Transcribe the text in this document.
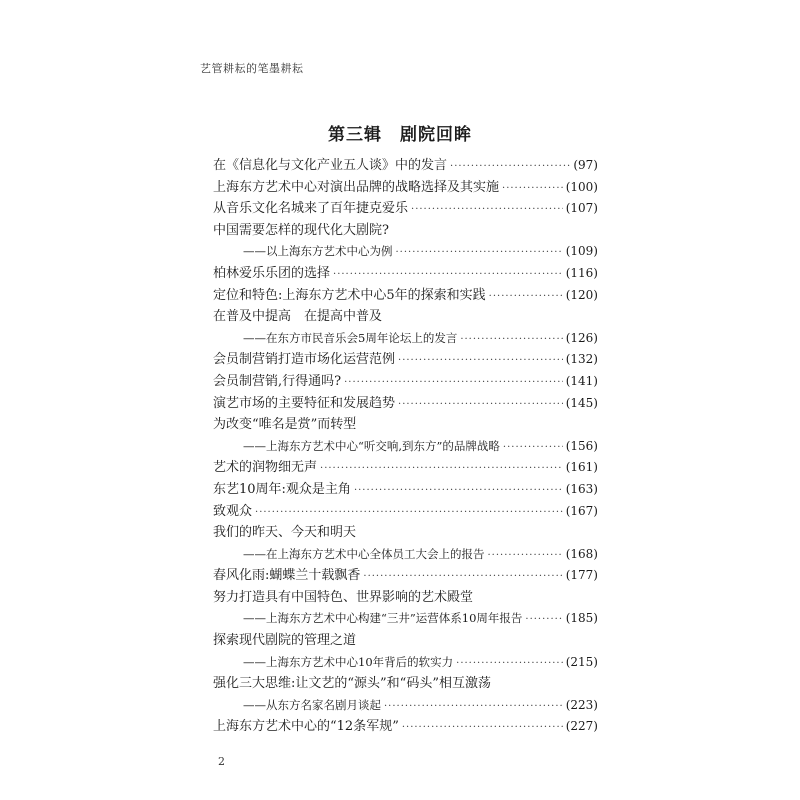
艺管耕耘的笔墨耕耘
第三辑　剧院回眸
在《信息化与文化产业五人谈》中的发言 ·····	(97)
上海东方艺术中心对演出品牌的战略选择及其实施 ·····	(100)
从音乐文化名城来了百年捷克爱乐 ·····	(107)
中国需要怎样的现代化大剧院?
——以上海东方艺术中心为例 ·····	(109)
柏林爱乐乐团的选择 ·····	(116)
定位和特色:上海东方艺术中心5年的探索和实践 ·····	(120)
在普及中提高　在提高中普及
——在东方市民音乐会5周年论坛上的发言 ·····	(126)
会员制营销打造市场化运营范例 ·····	(132)
会员制营销,行得通吗? ·····	(141)
演艺市场的主要特征和发展趋势 ·····	(145)
为改变“唯名是赏”而转型
——上海东方艺术中心“听交响,到东方”的品牌战略 ·····	(156)
艺术的润物细无声 ·····	(161)
东艺10周年:观众是主角 ·····	(163)
致观众 ·····	(167)
我们的昨天、今天和明天
——在上海东方艺术中心全体员工大会上的报告 ·····	(168)
春风化雨:蝴蝶兰十载飘香 ·····	(177)
努力打造具有中国特色、世界影响的艺术殿堂
——上海东方艺术中心构建“三井”运营体系10周年报告 ·····	(185)
探索现代剧院的管理之道
——上海东方艺术中心10年背后的软实力 ·····	(215)
强化三大思维:让文艺的“源头”和“码头”相互激荡
——从东方名家名剧月谈起 ·····	(223)
上海东方艺术中心的“12条军规” ·····	(227)
2
